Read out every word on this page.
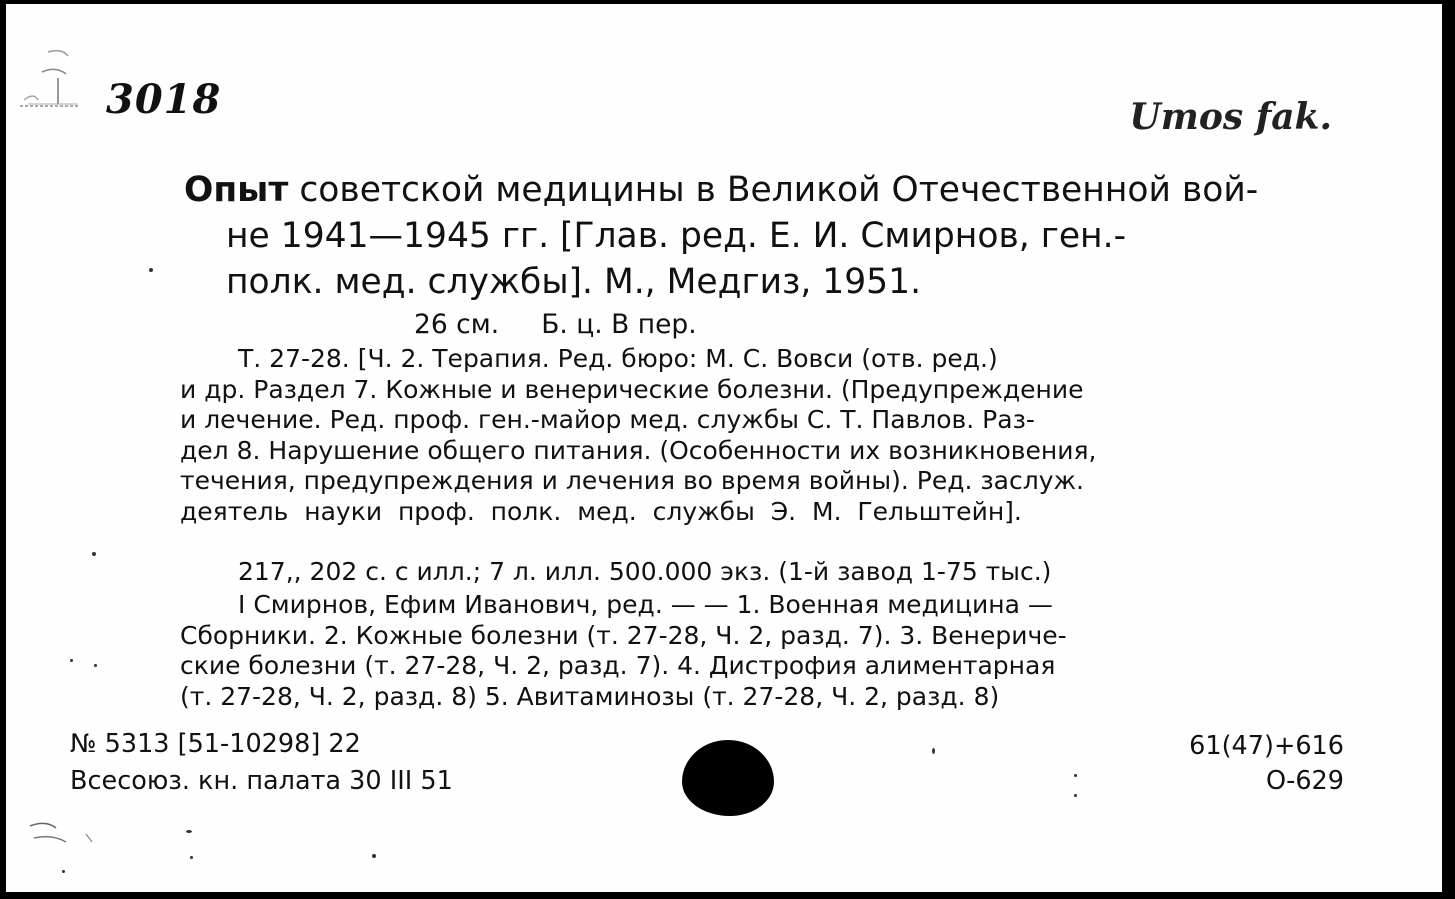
3018	Umos fak.
Опыт советской медицины в Великой Отечественной вой-
не 1941—1945 гг. [Глав. ред. Е. И. Смирнов, ген.-
полк. мед. службы]. М., Медгиз, 1951.
26 см.     Б. ц. В пер.
Т. 27-28. [Ч. 2. Терапия. Ред. бюро: М. С. Вовси (отв. ред.)
и др. Раздел 7. Кожные и венерические болезни. (Предупреждение
и лечение. Ред. проф. ген.-майор мед. службы С. Т. Павлов. Раз-
дел 8. Нарушение общего питания. (Особенности их возникновения,
течения, предупреждения и лечения во время войны). Ред. заслуж.
деятель  науки  проф.  полк.  мед.  службы  Э.  М.  Гельштейн].
217,, 202 с. с илл.; 7 л. илл. 500.000 экз. (1-й завод 1-75 тыс.)
I Смирнов, Ефим Иванович, ред. — — 1. Военная медицина —
Сборники. 2. Кожные болезни (т. 27-28, Ч. 2, разд. 7). 3. Венериче-
ские болезни (т. 27-28, Ч. 2, разд. 7). 4. Дистрофия алиментарная
(т. 27-28, Ч. 2, разд. 8) 5. Авитаминозы (т. 27-28, Ч. 2, разд. 8)
№ 5313 [51-10298] 22
Всесоюз. кн. палата 30 III 51
61(47)+616
О-629
